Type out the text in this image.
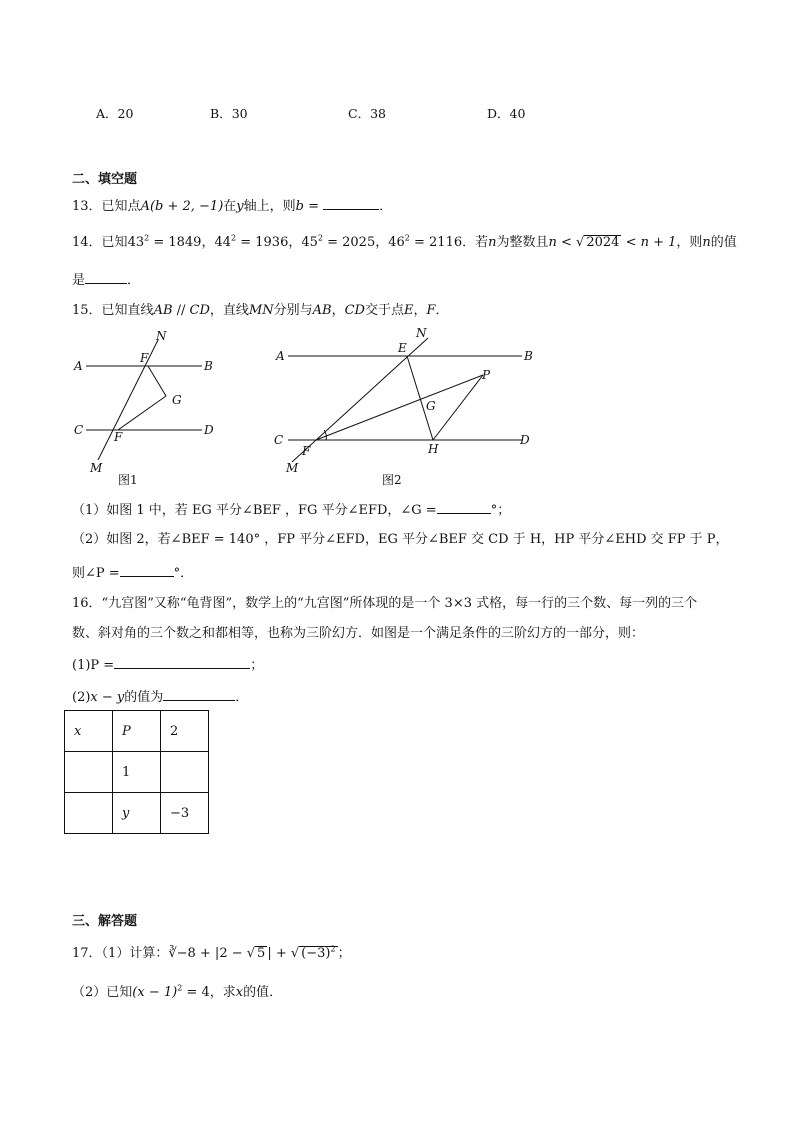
A．20	B．30	C．38	D．40
二、填空题
13．已知点A(b + 2, −1)在y轴上，则b =	．
14．已知$43^2 = 1849$，$44^2 = 1936$，$45^2 = 2025$，$46^2 = 2116$．若n为整数且n < √ 2024 < n + 1，则n的值
是	．
15．已知直线AB // CD，直线MN分别与AB，CD交于点E，F．
A	B
C	D
N
F
G
F
M
图1
A	B
C	D
N
E
P
G
F	H
M
图2
（1）如图 1 中，若 EG 平分∠BEF ，FG 平分∠EFD，∠G =	°；
（2）如图 2，若∠BEF = 140° ，FP 平分∠EFD，EG 平分∠BEF 交 CD 于 H，HP 平分∠EHD 交 FP 于 P，
则∠P =	°．
16．“九宫图”又称“龟背图”，数学上的“九宫图”所体现的是一个 3×3 式格，每一行的三个数、每一列的三个
数、斜对角的三个数之和都相等，也称为三阶幻方．如图是一个满足条件的三阶幻方的一部分，则：
(1)P =	；
(2)x − y的值为	．
x	P	2
	1	
	y	−3
三、解答题
17．（1）计算：∛−8 + |2 − √ 5 | + √ $(-3)^2$ ；
（2）已知$(x - 1)^2 = 4$，求x的值．
